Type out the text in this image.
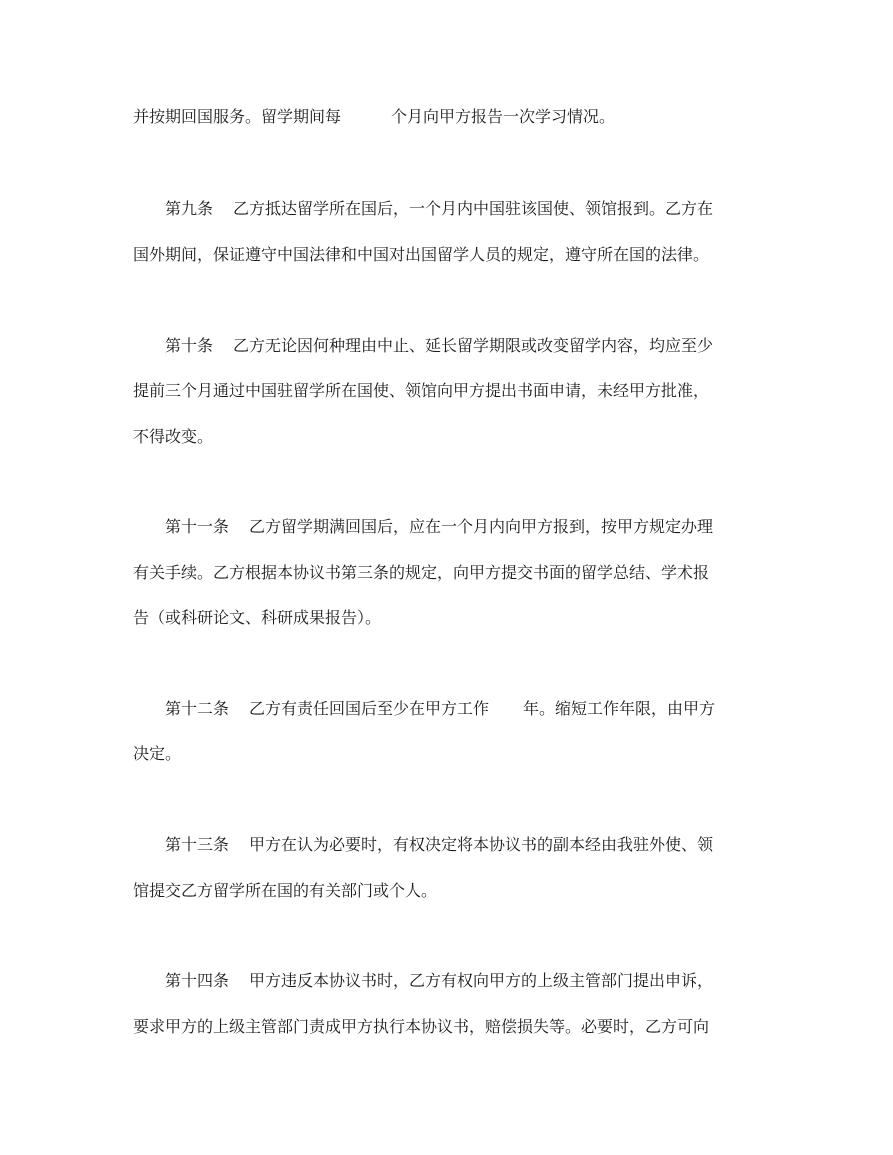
并按期回国服务。留学期间每	个月向甲方报告一次学习情况。
第九条 乙方抵达留学所在国后，一个月内中国驻该国使、领馆报到。乙方在
国外期间，保证遵守中国法律和中国对出国留学人员的规定，遵守所在国的法律。
第十条 乙方无论因何种理由中止、延长留学期限或改变留学内容，均应至少
提前三个月通过中国驻留学所在国使、领馆向甲方提出书面申请，未经甲方批准，
不得改变。
第十一条 乙方留学期满回国后，应在一个月内向甲方报到，按甲方规定办理
有关手续。乙方根据本协议书第三条的规定，向甲方提交书面的留学总结、学术报
告（或科研论文、科研成果报告）。
第十二条 乙方有责任回国后至少在甲方工作 年。缩短工作年限，由甲方
决定。
第十三条 甲方在认为必要时，有权决定将本协议书的副本经由我驻外使、领
馆提交乙方留学所在国的有关部门或个人。
第十四条 甲方违反本协议书时，乙方有权向甲方的上级主管部门提出申诉，
要求甲方的上级主管部门责成甲方执行本协议书，赔偿损失等。必要时，乙方可向
